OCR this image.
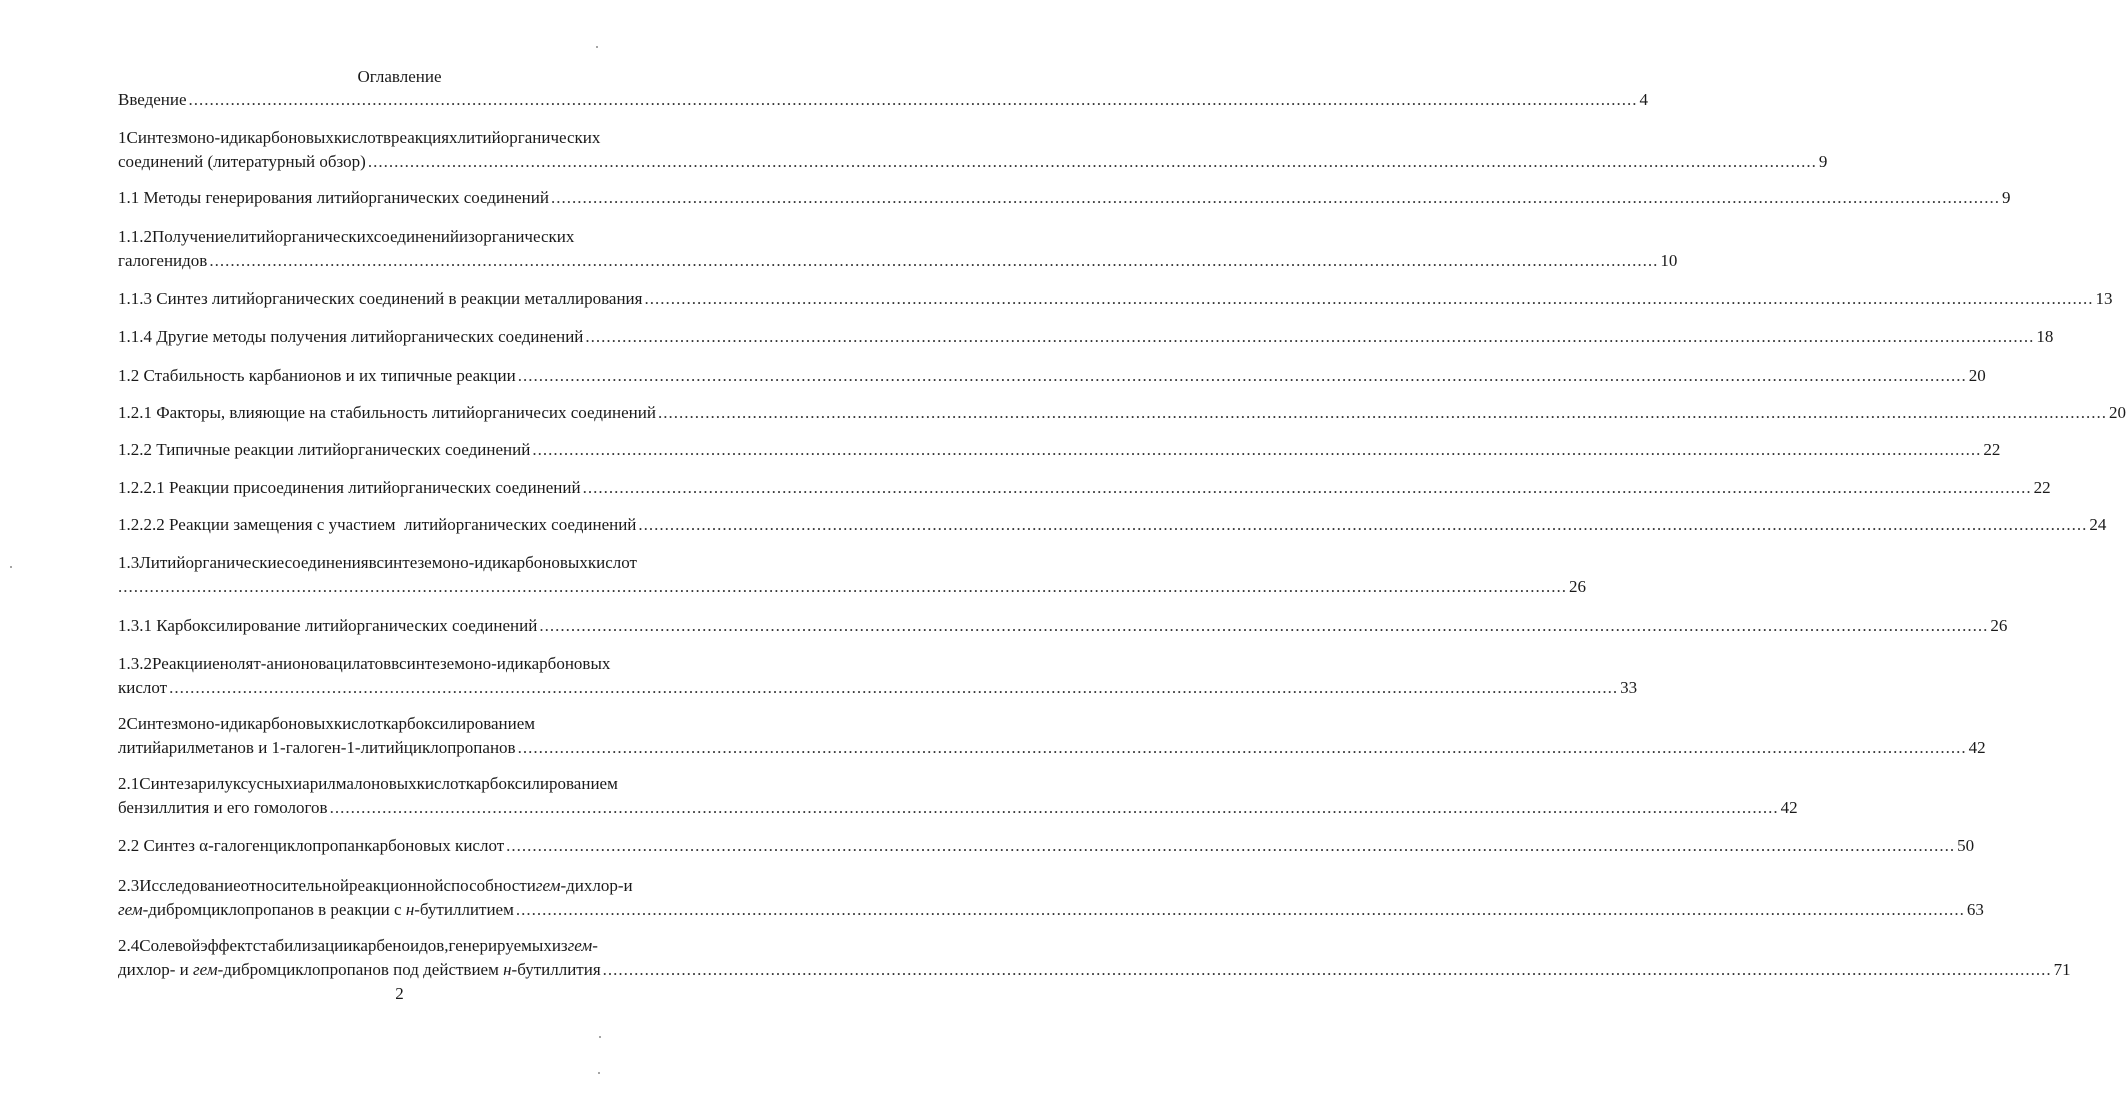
Оглавление
Введение .....	4
1Синтезмоно-идикарбоновыхкислотвреакцияхлитийорганических
соединений (литературный обзор) .....	9
1.1 Методы генерирования литийорганических соединений .....	9
1.1.2Получениелитийорганическихсоединенийизорганических
галогенидов .....	10
1.1.3 Синтез литийорганических соединений в реакции металлирования .....	13
1.1.4 Другие методы получения литийорганических соединений .....	18
1.2 Стабильность карбанионов и их типичные реакции .....	20
1.2.1 Факторы, влияющие на стабильность литийорганичесих соединений .....	20
1.2.2 Типичные реакции литийорганических соединений .....	22
1.2.2.1 Реакции присоединения литийорганических соединений .....	22
1.2.2.2 Реакции замещения с участием  литийорганических соединений .....	24
1.3Литийорганическиесоединениявсинтеземоно-идикарбоновыхкислот
..... 26
1.3.1 Карбоксилирование литийорганических соединений .....	26
1.3.2Реакцииенолят-анионовацилатоввсинтеземоно-идикарбоновых
кислот .....	33
2Синтезмоно-идикарбоновыхкислоткарбоксилированием
литийарилметанов и 1-галоген-1-литийциклопропанов .....	42
2.1Синтезарилуксусныхиарилмалоновыхкислоткарбоксилированием
бензиллития и его гомологов .....	42
2.2 Синтез α-галогенциклопропанкарбоновых кислот .....	50
2.3Исследованиеотносительнойреакционнойспособностигем-дихлор-и
гем-дибромциклопропанов в реакции с н-бутиллитием .....	63
2.4Солевойэффектстабилизациикарбеноидов,генерируемыхизгем-
дихлор- и гем-дибромциклопропанов под действием н-бутиллития .....	71
2
